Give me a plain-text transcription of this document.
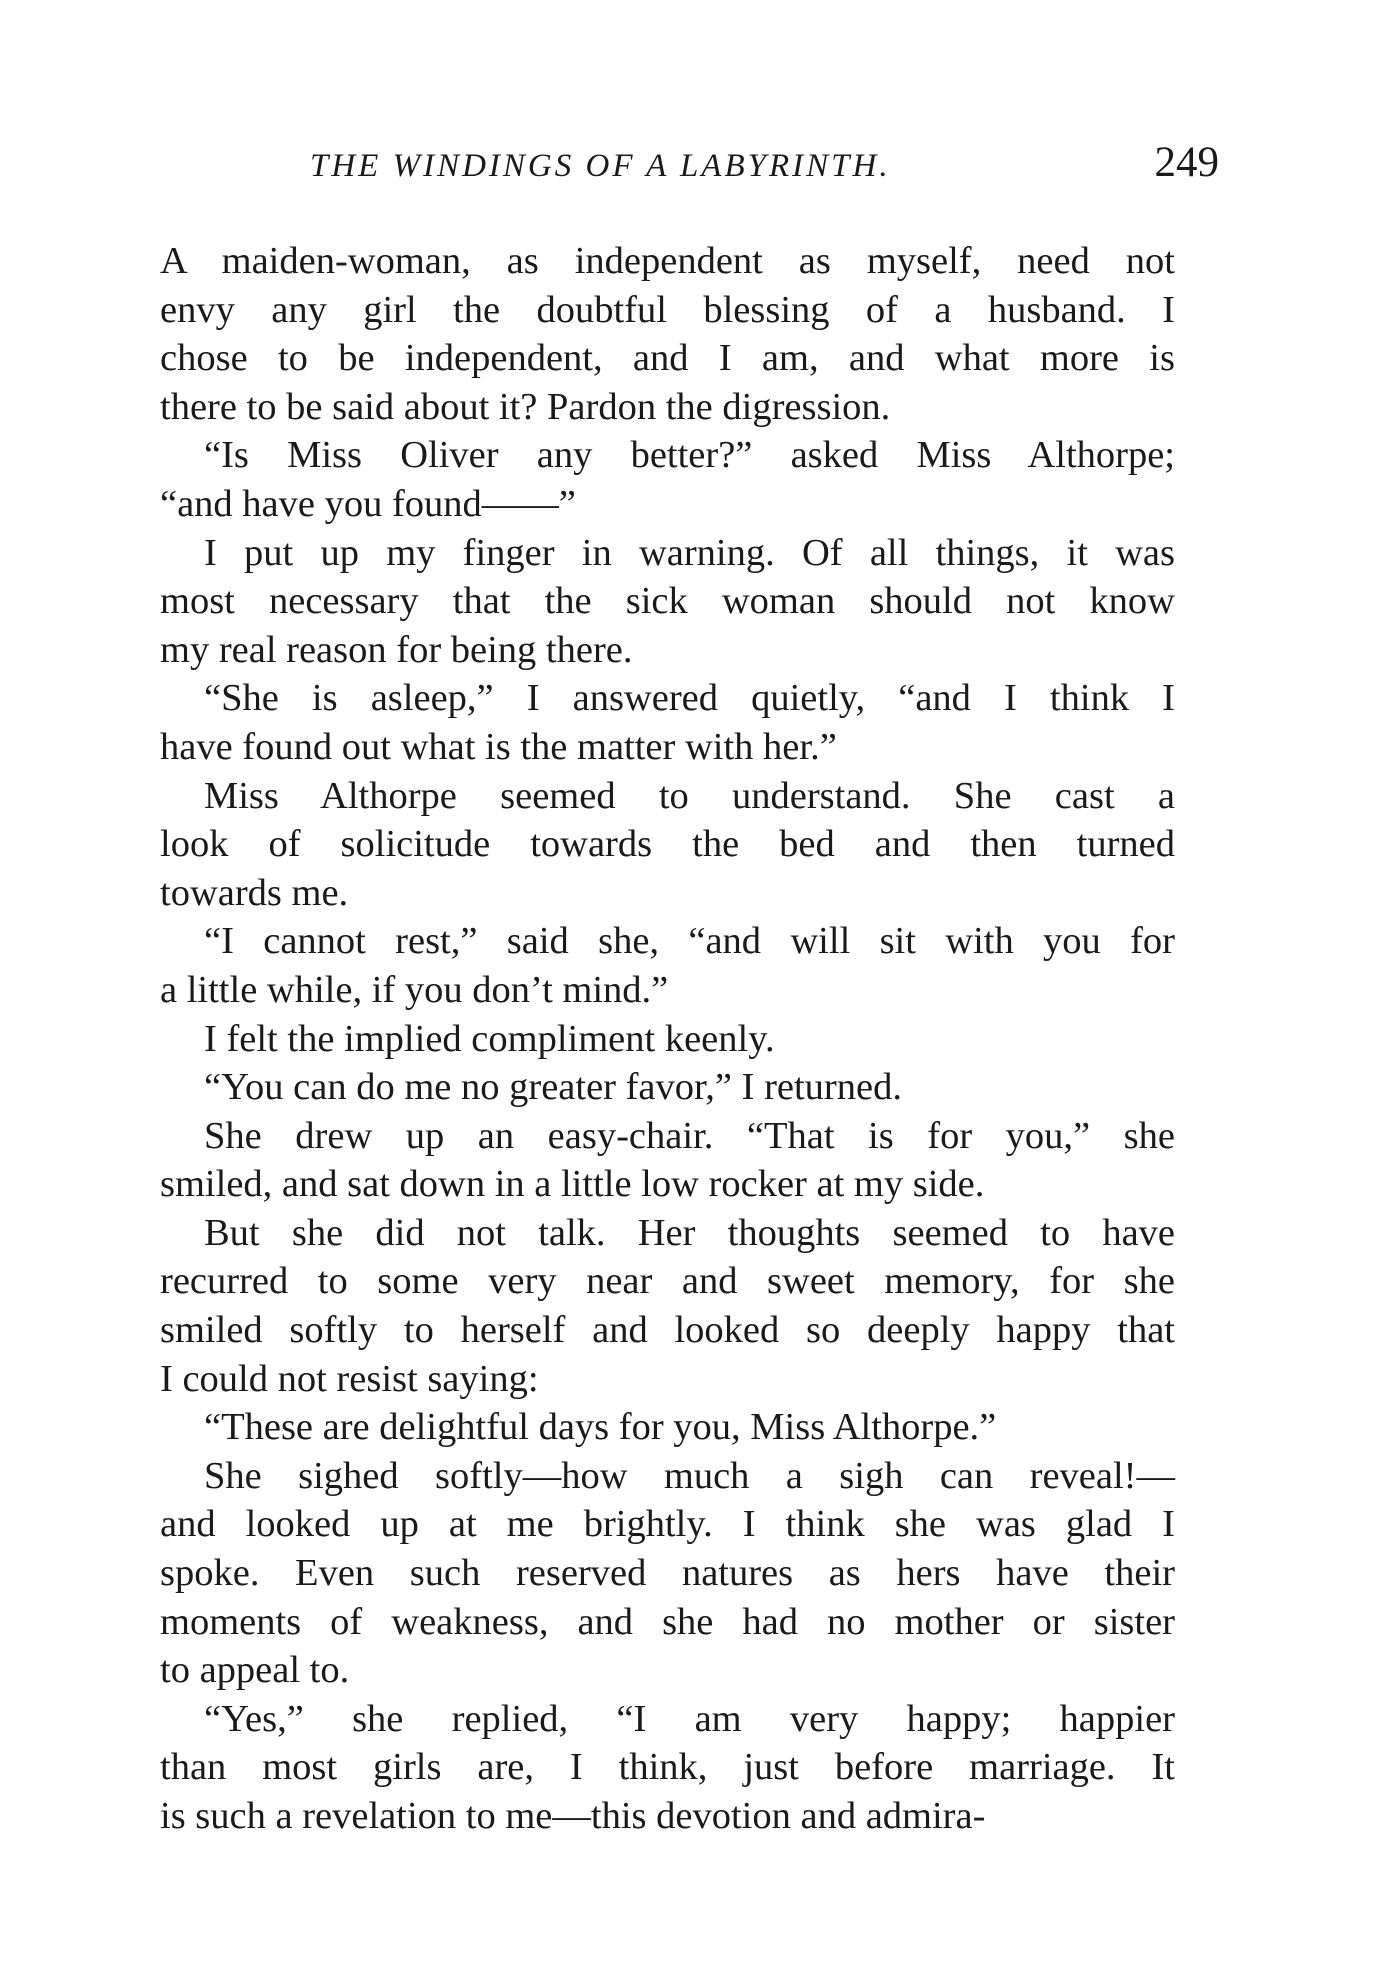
THE WINDINGS OF A LABYRINTH.	249

A maiden-woman, as independent as myself, need not
envy any girl the doubtful blessing of a husband. I
chose to be independent, and I am, and what more is
there to be said about it? Pardon the digression.

“Is Miss Oliver any better?” asked Miss Althorpe;
“and have you found——”

I put up my finger in warning. Of all things, it was
most necessary that the sick woman should not know
my real reason for being there.

“She is asleep,” I answered quietly, “and I think I
have found out what is the matter with her.”

Miss Althorpe seemed to understand. She cast a
look of solicitude towards the bed and then turned
towards me.

“I cannot rest,” said she, “and will sit with you for
a little while, if you don’t mind.”

I felt the implied compliment keenly.

“You can do me no greater favor,” I returned.

She drew up an easy-chair. “That is for you,” she
smiled, and sat down in a little low rocker at my side.

But she did not talk. Her thoughts seemed to have
recurred to some very near and sweet memory, for she
smiled softly to herself and looked so deeply happy that
I could not resist saying:

“These are delightful days for you, Miss Althorpe.”

She sighed softly—how much a sigh can reveal!—
and looked up at me brightly. I think she was glad I
spoke. Even such reserved natures as hers have their
moments of weakness, and she had no mother or sister
to appeal to.

“Yes,” she replied, “I am very happy; happier
than most girls are, I think, just before marriage. It
is such a revelation to me—this devotion and admira-
